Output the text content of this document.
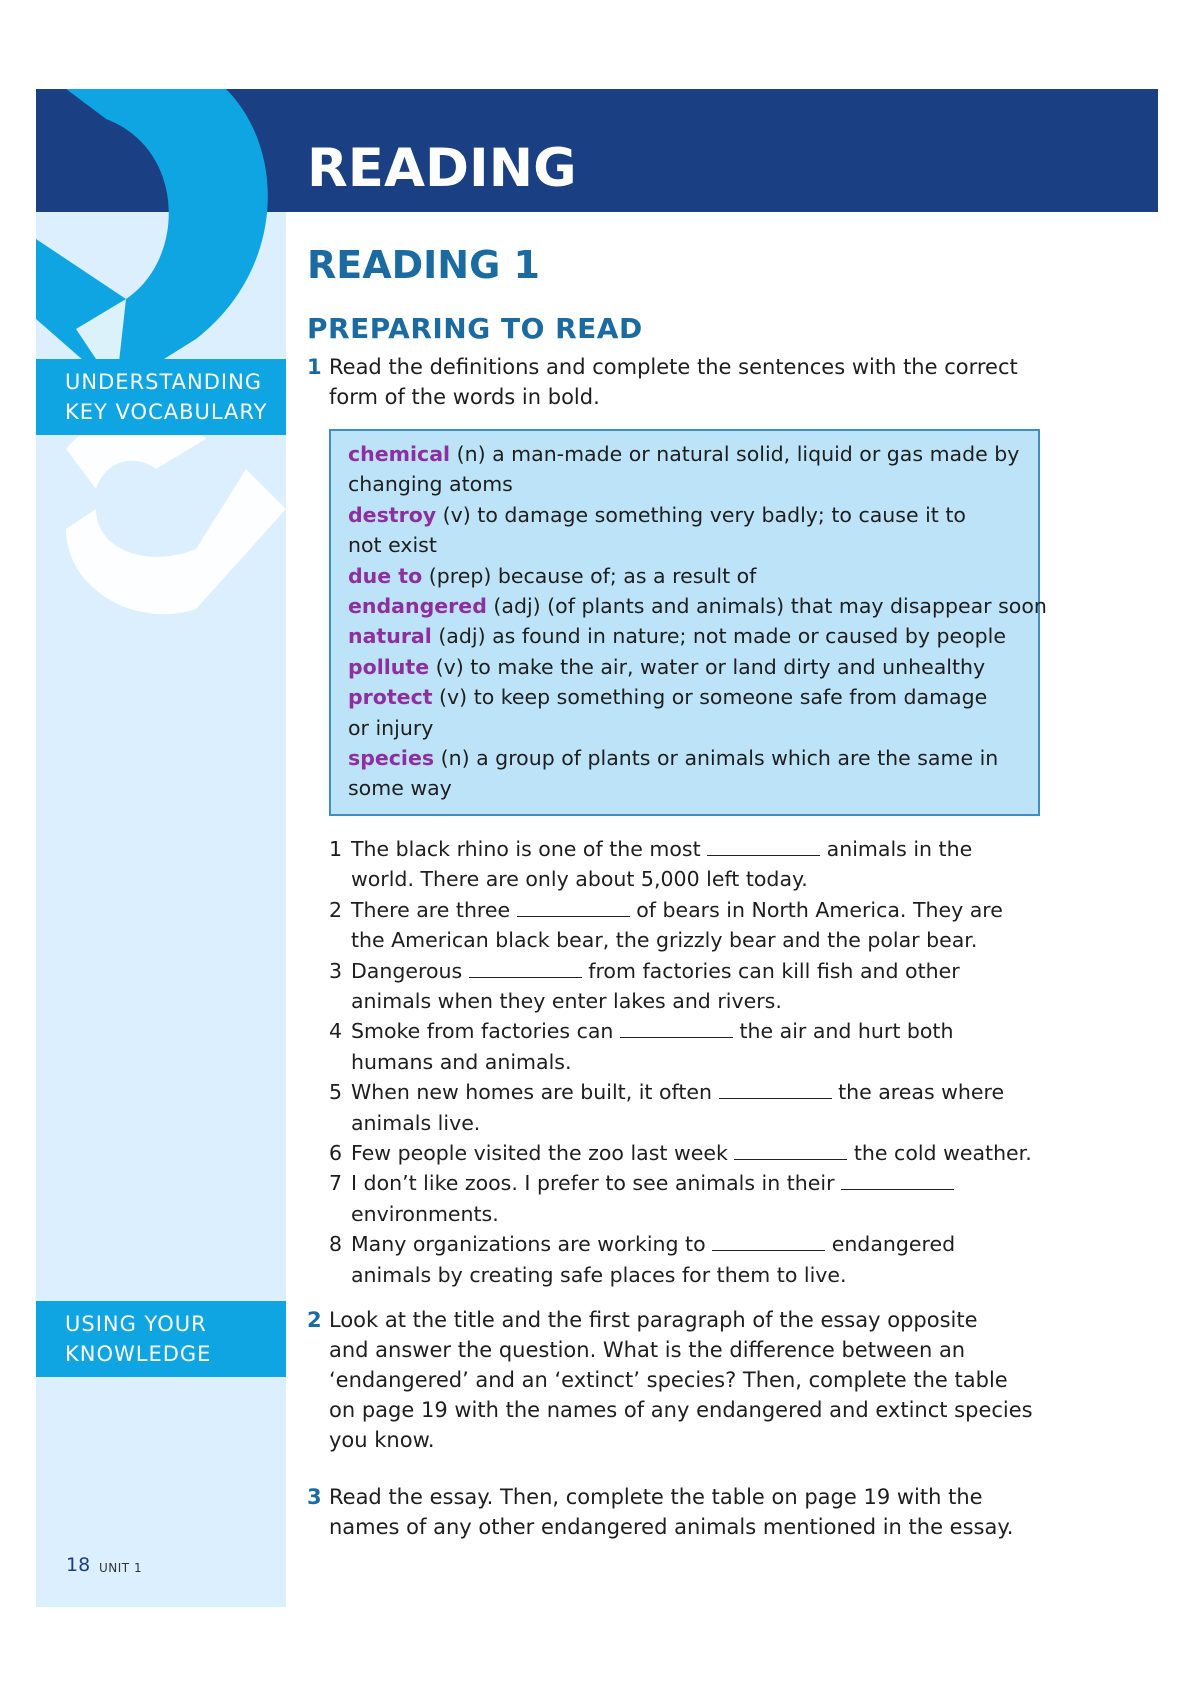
READING
READING 1
PREPARING TO READ
UNDERSTANDING
KEY VOCABULARY
USING YOUR
KNOWLEDGE
1 Read the definitions and complete the sentences with the correct
form of the words in bold.
chemical (n) a man-made or natural solid, liquid or gas made by
changing atoms
destroy (v) to damage something very badly; to cause it to
not exist
due to (prep) because of; as a result of
endangered (adj) (of plants and animals) that may disappear soon
natural (adj) as found in nature; not made or caused by people
pollute (v) to make the air, water or land dirty and unhealthy
protect (v) to keep something or someone safe from damage
or injury
species (n) a group of plants or animals which are the same in
some way
1 The black rhino is one of the most	animals in the
world. There are only about 5,000 left today.
2 There are three	of bears in North America. They are
the American black bear, the grizzly bear and the polar bear.
3 Dangerous	from factories can kill fish and other
animals when they enter lakes and rivers.
4 Smoke from factories can	the air and hurt both
humans and animals.
5 When new homes are built, it often	the areas where
animals live.
6 Few people visited the zoo last week	the cold weather.
7 I don’t like zoos. I prefer to see animals in their
environments.
8 Many organizations are working to	endangered
animals by creating safe places for them to live.
2 Look at the title and the first paragraph of the essay opposite
and answer the question. What is the difference between an
‘endangered’ and an ‘extinct’ species? Then, complete the table
on page 19 with the names of any endangered and extinct species
you know.
3 Read the essay. Then, complete the table on page 19 with the
names of any other endangered animals mentioned in the essay.
18 UNIT 1
